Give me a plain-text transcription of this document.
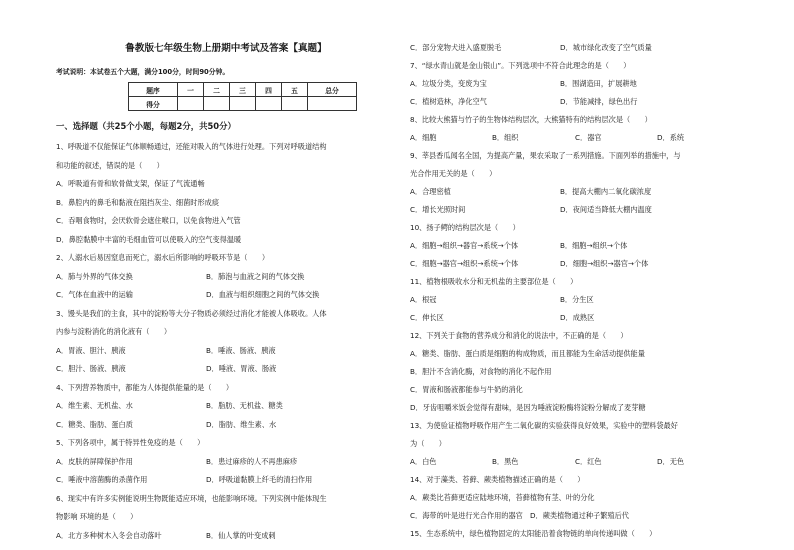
鲁教版七年级生物上册期中考试及答案【真题】
考试说明：本试卷五个大题，满分100分，时间90分钟。
题序	一	二	三	四	五	总分
得分						
一、选择题（共25个小题，每题2分，共50分）
1、呼吸道不仅能保证气体顺畅通过，还能对吸入的气体进行处理。下列对呼吸道结构
和功能的叙述，错误的是（　　）
A．呼吸道有骨和软骨做支架，保证了气流通畅
B．鼻腔内的鼻毛和黏液在阻挡灰尘、细菌时形成痰
C．吞咽食物时，会厌软骨会遮住喉口，以免食物进入气管
D．鼻腔黏膜中丰富的毛细血管可以使吸入的空气变得温暖
2、人溺水后易因窒息而死亡，溺水后所影响的呼吸环节是（　　）
A．肺与外界的气体交换	B．肺泡与血液之间的气体交换
C．气体在血液中的运输	D．血液与组织细胞之间的气体交换
3、馒头是我们的主食，其中的淀粉等大分子物质必须经过消化才能被人体吸收。人体
内参与淀粉消化的消化液有（　　）
A．胃液、胆汁、胰液	B．唾液、肠液、胰液
C．胆汁、肠液、胰液	D．唾液、胃液、肠液
4、下列营养物质中，都能为人体提供能量的是（　　）
A．维生素、无机盐、水	B．脂肪、无机盐、糖类
C．糖类、脂肪、蛋白质	D．脂肪、维生素、水
5、下列各项中，属于特异性免疫的是（　　）
A．皮肤的屏障保护作用	B．患过麻疹的人不再患麻疹
C．唾液中溶菌酶的杀菌作用	D．呼吸道黏膜上纤毛的清扫作用
6、现实中有许多实例能说明生物既能适应环境，也能影响环境。下列实例中能体现生
物影响 环境的是（　　）
A．北方多种树木入冬会自动落叶	B．仙人掌的叶变成刺
C．部分宠物犬进入盛夏脱毛	D．城市绿化改变了空气质量
7、“绿水青山就是金山银山”。下列选项中不符合此理念的是（　　）
A．垃圾分类，变废为宝	B．围湖造田，扩展耕地
C．植树造林，净化空气	D．节能减排，绿色出行
8、比较大熊猫与竹子的生物体结构层次，大熊猫特有的结构层次是（　　）
A．细胞	B．组织	C．器官	D．系统
9、莘县香瓜闻名全国，为提高产量，果农采取了一系列措施。下面列举的措施中，与
光合作用无关的是（　　）
A．合理密植	B．提高大棚内二氧化碳浓度
C．增长光照时间	D．夜间适当降低大棚内温度
10、扬子鳄的结构层次是（　　）
A．细胞→组织→器官→系统→个体	B．细胞→组织→个体
C．细胞→器官→组织→系统→个体	D．细胞→组织→器官→个体
11、植物根吸收水分和无机盐的主要部位是（　　）
A．根冠	B．分生区
C．伸长区	D．成熟区
12、下列关于食物的营养成分和消化的说法中，不正确的是（　　）
A．糖类、脂肪、蛋白质是细胞的构成物质，而且都能为生命活动提供能量
B．胆汁不含消化酶，对食物的消化不起作用
C．胃液和肠液都能参与牛奶的消化
D．牙齿咀嚼米饭会觉得有甜味，是因为唾液淀粉酶将淀粉分解成了麦芽糖
13、为使验证植物呼吸作用产生二氧化碳的实验获得良好效果，实验中的塑料袋最好
为（　　）
A．白色	B．黑色	C．红色	D．无色
14、对于藻类、苔藓、蕨类植物描述正确的是（　　）
A．蕨类比苔藓更适应陆地环境，苔藓植物有茎、叶的分化
C．海带的叶是进行光合作用的器官　D．蕨类植物通过种子繁殖后代
15、生态系统中，绿色植物固定的太阳能沿着食物链的单向传递叫做（　　）
